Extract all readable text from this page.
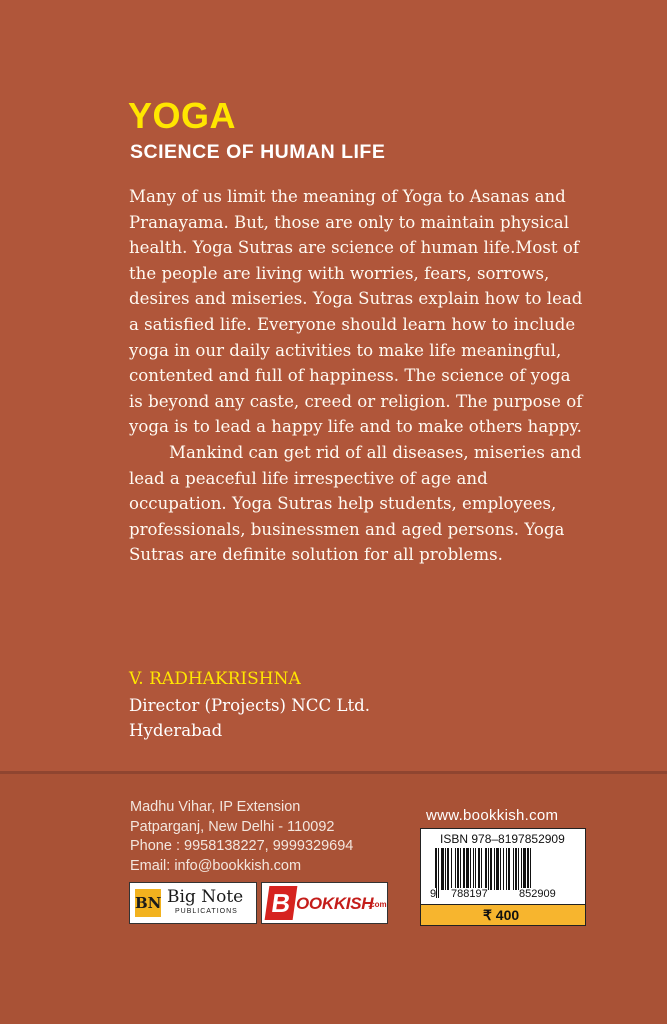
YOGA
SCIENCE OF HUMAN LIFE

Many of us limit the meaning of Yoga to Asanas and Pranayama. But, those are only to maintain physical health. Yoga Sutras are science of human life.Most of the people are living with worries, fears, sorrows, desires and miseries. Yoga Sutras explain how to lead a satisfied life. Everyone should learn how to include yoga in our daily activities to make life meaningful, contented and full of happiness. The science of yoga is beyond any caste, creed or religion. The purpose of yoga is to lead a happy life and to make others happy.

Mankind can get rid of all diseases, miseries and lead a peaceful life irrespective of age and occupation. Yoga Sutras help students, employees, professionals, businessmen and aged persons. Yoga Sutras are definite solution for all problems.

V. RADHAKRISHNA
Director (Projects) NCC Ltd.
Hyderabad
Madhu Vihar, IP Extension
Patparganj, New Delhi - 110092
Phone : 9958138227, 9999329694
Email: info@bookkish.com
BN Big Note
PUBLICATIONS B OOKKISH
.com
www.bookkish.com
ISBN 978–8197852909
9 788197	852909
₹ 400
